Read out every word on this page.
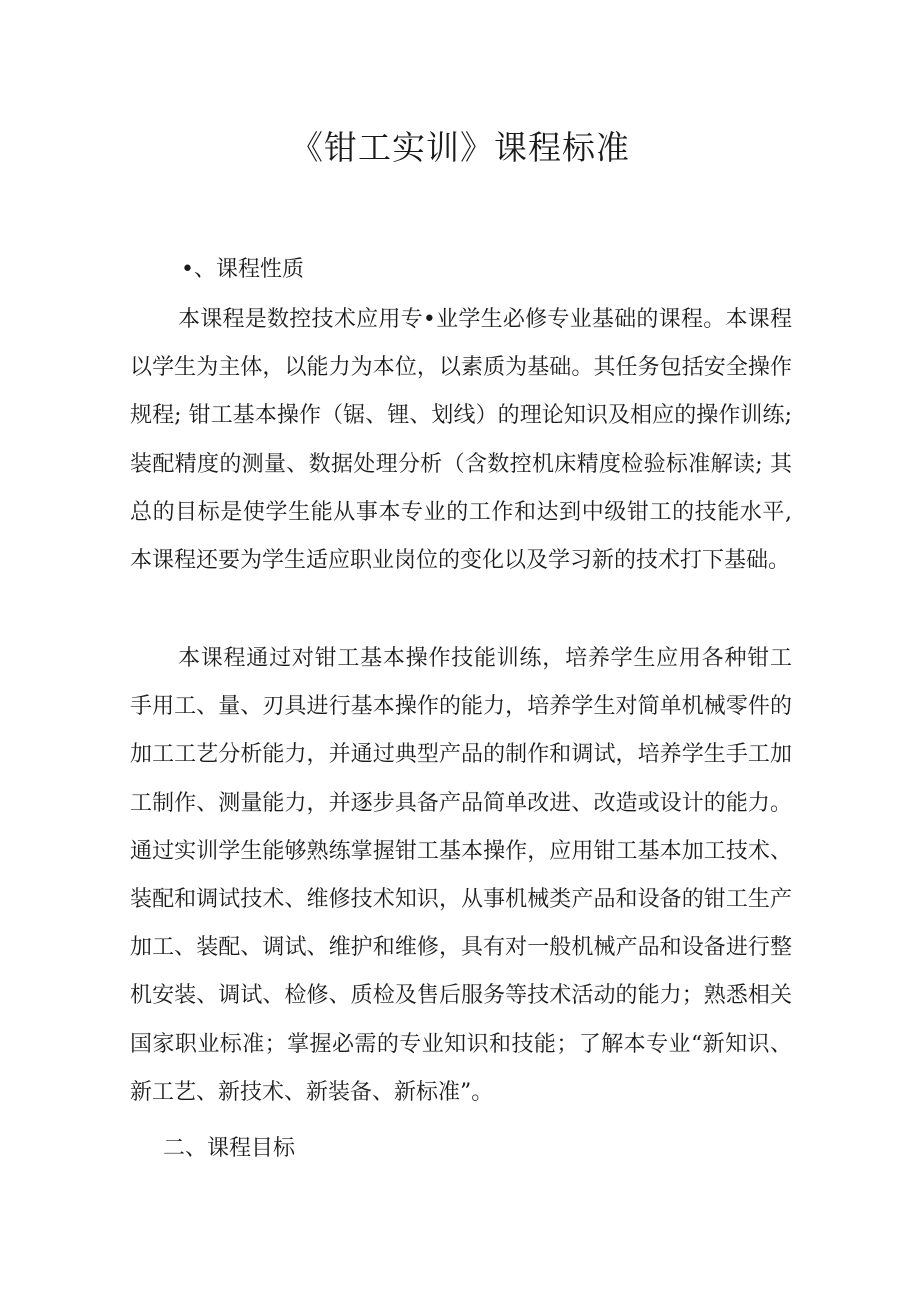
《钳工实训》课程标准
•、课程性质

本课程是数控技术应用专•业学生必修专业基础的课程。本课程以学生为主体，以能力为本位，以素质为基础。其任务包括安全操作规程; 钳工基本操作（锯、锂、划线）的理论知识及相应的操作训练; 装配精度的测量、数据处理分析（含数控机床精度检验标准解读; 其总的目标是使学生能从事本专业的工作和达到中级钳工的技能水平,本课程还要为学生适应职业岗位的变化以及学习新的技术打下基础。

本课程通过对钳工基本操作技能训练，培养学生应用各种钳工手用工、量、刃具进行基本操作的能力，培养学生对简单机械零件的加工工艺分析能力，并通过典型产品的制作和调试，培养学生手工加工制作、测量能力，并逐步具备产品简单改进、改造或设计的能力。通过实训学生能够熟练掌握钳工基本操作，应用钳工基本加工技术、装配和调试技术、维修技术知识，从事机械类产品和设备的钳工生产加工、装配、调试、维护和维修，具有对一般机械产品和设备进行整机安装、调试、检修、质检及售后服务等技术活动的能力；熟悉相关国家职业标准；掌握必需的专业知识和技能；了解本专业“新知识、新工艺、新技术、新装备、新标准”。

二、课程目标
